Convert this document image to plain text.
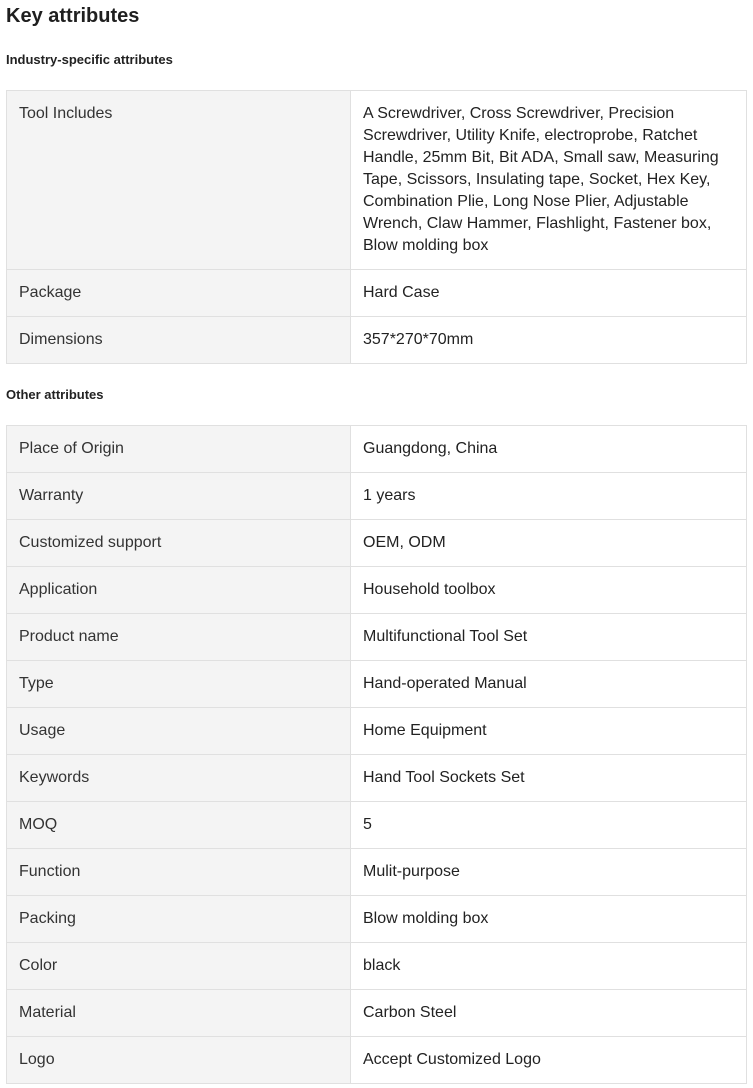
Key attributes
Industry-specific attributes
Tool Includes	A Screwdriver, Cross Screwdriver, Precision Screwdriver, Utility Knife, electroprobe, Ratchet Handle, 25mm Bit, Bit ADA, Small saw, Measuring Tape, Scissors, Insulating tape, Socket, Hex Key, Combination Plie, Long Nose Plier, Adjustable Wrench, Claw Hammer, Flashlight, Fastener box, Blow molding box
Package	Hard Case
Dimensions	357*270*70mm
Other attributes
Place of Origin	Guangdong, China
Warranty	1 years
Customized support	OEM, ODM
Application	Household toolbox
Product name	Multifunctional Tool Set
Type	Hand-operated Manual
Usage	Home Equipment
Keywords	Hand Tool Sockets Set
MOQ	5
Function	Mulit-purpose
Packing	Blow molding box
Color	black
Material	Carbon Steel
Logo	Accept Customized Logo
